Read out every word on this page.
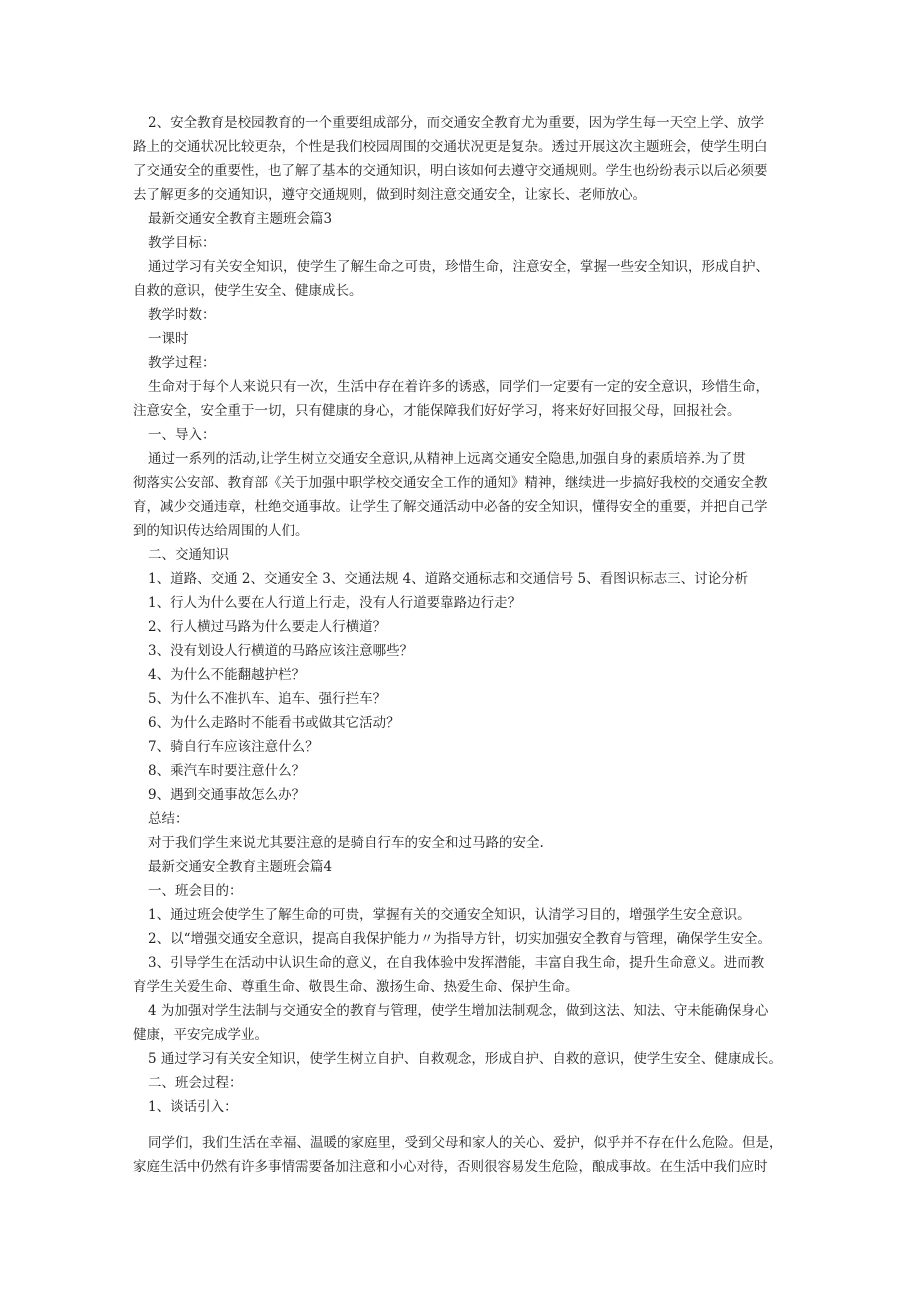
2、安全教育是校园教育的一个重要组成部分，而交通安全教育尤为重要，因为学生每一天空上学、放学
路上的交通状况比较更杂，个性是我们校园周围的交通状况更是复杂。透过开展这次主题班会，使学生明白
了交通安全的重要性，也了解了基本的交通知识，明白该如何去遵守交通规则。学生也纷纷表示以后必须要
去了解更多的交通知识，遵守交通规则，做到时刻注意交通安全，让家长、老师放心。
最新交通安全教育主题班会篇3
教学目标：
通过学习有关安全知识，使学生了解生命之可贵，珍惜生命，注意安全，掌握一些安全知识，形成自护、
自救的意识，使学生安全、健康成长。
教学时数：
一课时
教学过程：
生命对于每个人来说只有一次，生活中存在着许多的诱惑，同学们一定要有一定的安全意识，珍惜生命，
注意安全，安全重于一切，只有健康的身心，才能保障我们好好学习，将来好好回报父母，回报社会。
一、导入：
通过一系列的活动,让学生树立交通安全意识,从精神上远离交通安全隐患,加强自身的素质培养.为了贯
彻落实公安部、教育部《关于加强中职学校交通安全工作的通知》精神，继续进一步搞好我校的交通安全教
育，减少交通违章，杜绝交通事故。让学生了解交通活动中必备的安全知识，懂得安全的重要，并把自己学
到的知识传达给周围的人们。
二、交通知识
1、道路、交通 2、交通安全 3、交通法规 4、道路交通标志和交通信号 5、看图识标志三、讨论分析
1、行人为什么要在人行道上行走，没有人行道要靠路边行走？
2、行人横过马路为什么要走人行横道？
3、没有划设人行横道的马路应该注意哪些？
4、为什么不能翻越护栏？
5、为什么不准扒车、追车、强行拦车？
6、为什么走路时不能看书或做其它活动？
7、骑自行车应该注意什么？
8、乘汽车时要注意什么？
9、遇到交通事故怎么办？
总结：
对于我们学生来说尤其要注意的是骑自行车的安全和过马路的安全.
最新交通安全教育主题班会篇4
一、班会目的：
1、通过班会使学生了解生命的可贵，掌握有关的交通安全知识，认清学习目的，增强学生安全意识。
2、以“增强交通安全意识，提高自我保护能力〃为指导方针，切实加强安全教育与管理，确保学生安全。
3、引导学生在活动中认识生命的意义，在自我体验中发挥潜能，丰富自我生命，提升生命意义。进而教
育学生关爱生命、尊重生命、敬畏生命、激扬生命、热爱生命、保护生命。
4 为加强对学生法制与交通安全的教育与管理，使学生增加法制观念，做到这法、知法、守未能确保身心
健康，平安完成学业。
5 通过学习有关安全知识，使学生树立自护、自救观念，形成自护、自救的意识，使学生安全、健康成长。
二、班会过程：
1、谈话引入：
同学们，我们生活在幸福、温暖的家庭里，受到父母和家人的关心、爱护，似乎并不存在什么危险。但是，
家庭生活中仍然有许多事情需要备加注意和小心对待，否则很容易发生危险，酿成事故。在生活中我们应时
